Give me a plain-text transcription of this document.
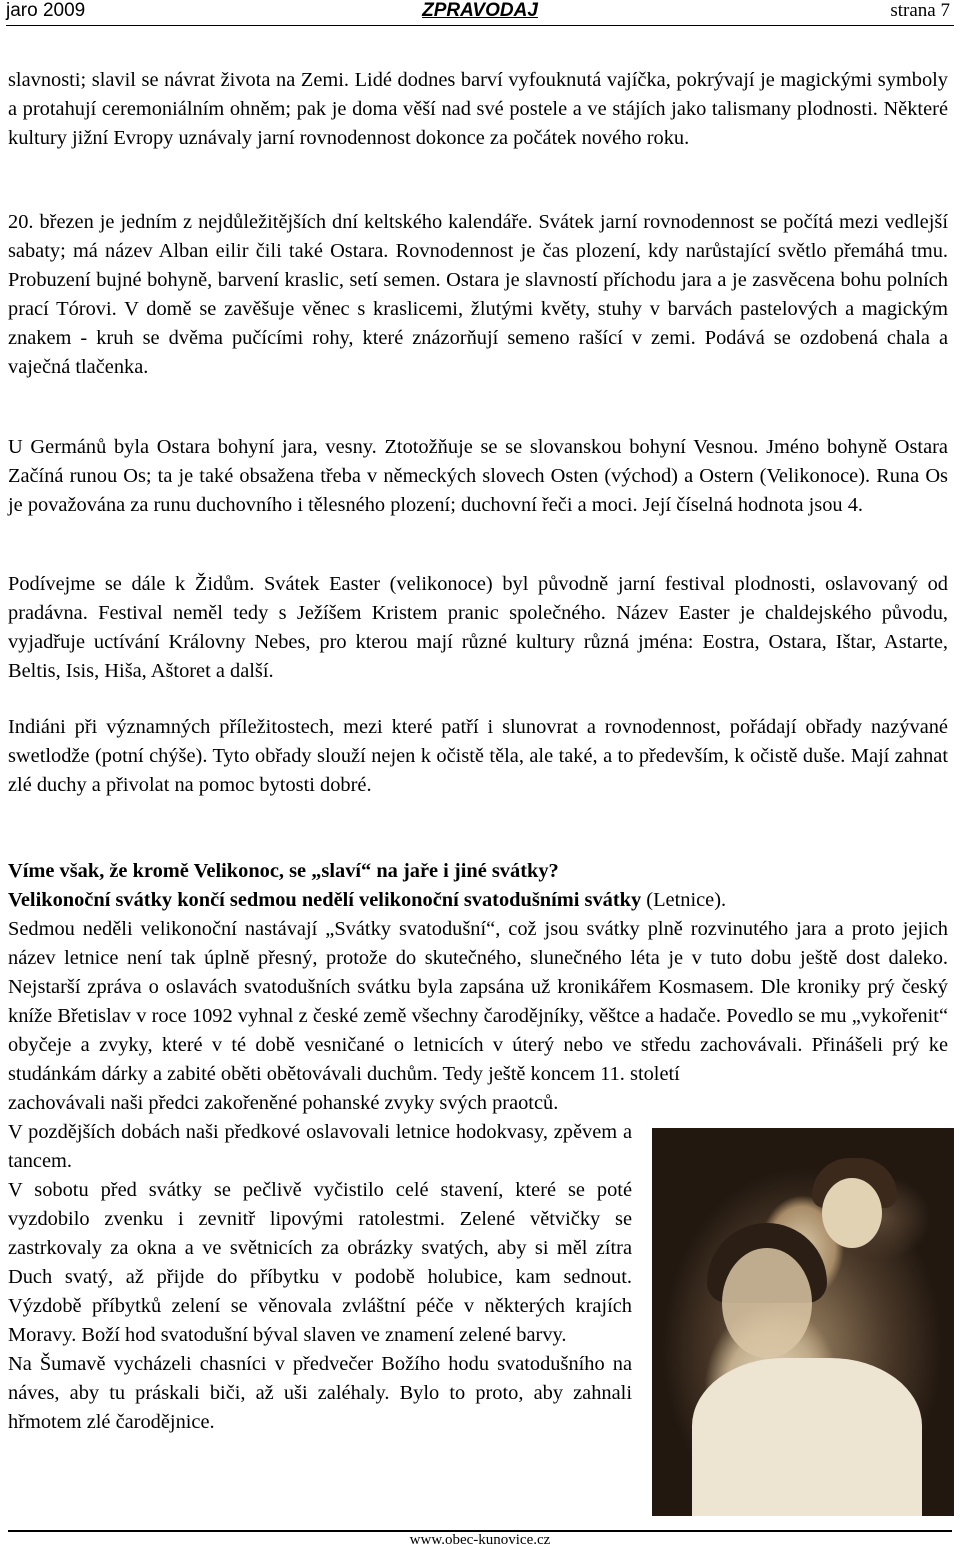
jaro 2009	ZPRAVODAJ	strana 7

slavnosti; slavil se návrat života na Zemi. Lidé dodnes barví vyfouknutá vajíčka, pokrývají je magickými symboly a protahují ceremoniálním ohněm; pak je doma věší nad své postele a ve stájích jako talismany plodnosti. Některé kultury jižní Evropy uznávaly jarní rovnodennost dokonce za počátek nového roku.

20. březen je jedním z nejdůležitějších dní keltského kalendáře. Svátek jarní rovnodennost se počítá mezi vedlejší sabaty; má název Alban eilir čili také Ostara. Rovnodennost je čas plození, kdy narůstající světlo přemáhá tmu. Probuzení bujné bohyně, barvení kraslic, setí semen. Ostara je slavností příchodu jara a je zasvěcena bohu polních prací Tórovi. V domě se zavěšuje věnec s kraslicemi, žlutými květy, stuhy v barvách pastelových a magickým znakem - kruh se dvěma pučícími rohy, které znázorňují semeno rašící v zemi. Podává se ozdobená chala a vaječná tlačenka.

U Germánů byla Ostara bohyní jara, vesny. Ztotožňuje se se slovanskou bohyní Vesnou. Jméno bohyně Ostara Začíná runou Os; ta je také obsažena třeba v německých slovech Osten (východ) a Ostern (Velikonoce). Runa Os je považována za runu duchovního i tělesného plození; duchovní řeči a moci. Její číselná hodnota jsou 4.

Podívejme se dále k Židům. Svátek Easter (velikonoce) byl původně jarní festival plodnosti, oslavovaný od pradávna. Festival neměl tedy s Ježíšem Kristem pranic společného. Název Easter je chaldejského původu, vyjadřuje uctívání Královny Nebes, pro kterou mají různé kultury různá jména: Eostra, Ostara, Ištar, Astarte, Beltis, Isis, Hiša, Aštoret a další.

Indiáni při významných příležitostech, mezi které patří i slunovrat a rovnodennost, pořádají obřady nazývané swetlodže (potní chýše). Tyto obřady slouží nejen k očistě těla, ale také, a to především, k očistě duše. Mají zahnat zlé duchy a přivolat na pomoc bytosti dobré.

Víme však, že kromě Velikonoc, se „slaví“ na jaře i jiné svátky?
Velikonoční svátky končí sedmou nedělí velikonoční svatodušními svátky (Letnice).
Sedmou neděli velikonoční nastávají „Svátky svatodušní“, což jsou svátky plně rozvinutého jara a proto jejich název letnice není tak úplně přesný, protože do skutečného, slunečného léta je v tuto dobu ještě dost daleko. Nejstarší zpráva o oslavách svatodušních svátku byla zapsána už kronikářem Kosmasem. Dle kroniky prý český kníže Břetislav v roce 1092 vyhnal z české země všechny čarodějníky, věštce a hadače. Povedlo se mu „vykořenit“ obyčeje a zvyky, které v té době vesničané o letnicích v úterý nebo ve středu zachovávali. Přinášeli prý ke studánkám dárky a zabité oběti obětovávali duchům. Tedy ještě koncem 11. století
zachovávali naši předci zakořeněné pohanské zvyky svých praotců.
V pozdějších dobách naši předkové oslavovali letnice hodokvasy, zpěvem a tancem.
V sobotu před svátky se pečlivě vyčistilo celé stavení, které se poté vyzdobilo zvenku i zevnitř lipovými ratolestmi. Zelené větvičky se zastrkovaly za okna a ve světnicích za obrázky svatých, aby si měl zítra Duch svatý, až přijde do příbytku v podobě holubice, kam sednout. Výzdobě příbytků zelení se věnovala zvláštní péče v některých krajích Moravy. Boží hod svatodušní býval slaven ve znamení zelené barvy.
Na Šumavě vycházeli chasníci v předvečer Božího hodu svatodušního na náves, aby tu práskali biči, až uši zaléhaly. Bylo to proto, aby zahnali hřmotem zlé čarodějnice.
www.obec-kunovice.cz
